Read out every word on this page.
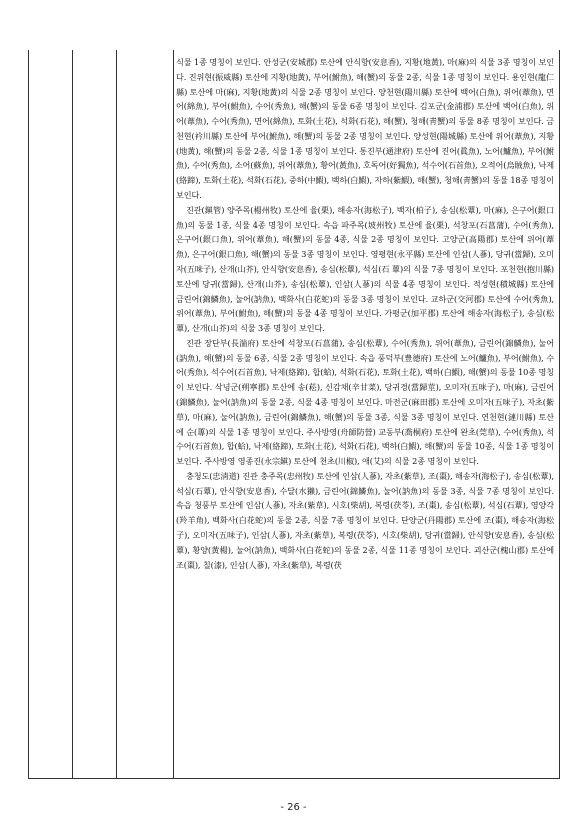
식물 1종 명칭이 보인다. 안성군(安城郡) 토산에 안식향(安息香), 지황(地黃), 마(麻)의 식물 3종 명칭이 보인다. 진위현(振威縣) 토산에 지황(地黃), 부어(鮒魚), 해(蟹)의 동물 2종, 식물 1종 명칭이 보인다. 용인현(龍仁縣) 토산에 마(麻), 지황(地黃)의 식물 2종 명칭이 보인다. 양천현(陽川縣) 토산에 백어(白魚), 위어(葦魚), 면어(綿魚), 부어(鮒魚), 수어(秀魚), 해(蟹)의 동물 6종 명칭이 보인다. 김포군(金浦郡) 토산에 백어(白魚), 위어(葦魚), 수어(秀魚), 면어(綿魚), 토화(土花), 석화(石花), 해(蟹), 청해(靑蟹)의 동물 8종 명칭이 보인다. 금천현(衿川縣) 토산에 부어(鮒魚), 해(蟹)의 동물 2종 명칭이 보인다. 양성현(陽城縣) 토산에 위어(葦魚), 지황(地黃), 해(蟹)의 동물 2종, 식물 1종 명칭이 보인다. 통진부(通津府) 토산에 진어(眞魚), 노어(鱸魚), 부어(鮒魚), 수어(秀魚), 소어(蘇魚), 위어(葦魚), 황어(黃魚), 호독어(好獨魚), 석수어(石首魚), 오적어(烏賊魚), 낙제(絡蹄), 토화(土花), 석화(石花), 중하(中鰕), 백하(白鰕), 자하(紫鰕), 해(蟹), 청해(靑蟹)의 동물 18종 명칭이 보인다.

진관(鎭管) 양주목(楊州牧) 토산에 율(栗), 해송자(海松子), 백자(柏子), 송심(松蕈), 마(麻), 은구어(銀口魚)의 동물 1종, 식물 4종 명칭이 보인다. 속읍 파주목(坡州牧) 토산에 율(栗), 석창포(石菖蒲), 수어(秀魚), 은구어(銀口魚), 위어(葦魚), 해(蟹)의 동물 4종, 식물 2종 명칭이 보인다. 고양군(高陽郡) 토산에 위어(葦魚), 은구어(銀口魚), 해(蟹)의 동물 3종 명칭이 보인다. 영평현(永平縣) 토산에 인삼(人蔘), 당귀(當歸), 오미자(五味子), 산개(山芥), 안식향(安息香), 송심(松蕈), 석심(石 蕈)의 식물 7종 명칭이 보인다. 포천현(抱川縣) 토산에 당귀(當歸), 산개(山芥), 송심(松蕈), 인삼(人蔘)의 식물 4종 명칭이 보인다. 적성현(積城縣) 토산에 금린어(錦鱗魚), 눌어(訥魚), 백화사(白花蛇)의 동물 3종 명칭이 보인다. 교하군(交河郡) 토산에 수어(秀魚), 위어(葦魚), 부어(鮒魚), 해(蟹)의 동물 4종 명칭이 보인다. 가평군(加平郡) 토산에 해송자(海松子), 송심(松蕈), 산개(山芥)의 식물 3종 명칭이 보인다.

진관 장단부(長湍府) 토산에 석창포(石菖蒲), 송심(松蕈), 수어(秀魚), 위어(葦魚), 금린어(錦鱗魚), 눌어(訥魚), 해(蟹)의 동물 6종, 식물 2종 명칭이 보인다. 속읍 풍덕부(豊德府) 토산에 노어(鱸魚), 부어(鮒魚), 수어(秀魚), 석수어(石首魚), 낙제(絡蹄), 합(蛤), 석화(石花), 토화(土花), 백하(白鰕), 해(蟹)의 동물 10종 명칭이 보인다. 삭녕군(朔寧郡) 토산에 송(菘), 신감채(辛甘菜), 당귀경(當歸莖), 오미자(五味子), 마(麻), 금린어(錦鱗魚), 눌어(訥魚)의 동물 2종, 식물 4종 명칭이 보인다. 마전군(麻田郡) 토산에 오미자(五味子), 자초(紫草), 마(麻), 눌어(訥魚), 금린어(錦鱗魚), 해(蟹)의 동물 3종, 식물 3종 명칭이 보인다. 연천현(漣川縣) 토산에 순(蓴)의 식물 1종 명칭이 보인다. 주사방영(舟師防營) 교동부(喬桐府) 토산에 완초(莞草), 수어(秀魚), 석수어(石首魚), 합(蛤), 낙제(絡蹄), 토화(土花), 석화(石花), 백하(白鰕), 해(蟹)의 동물 10종, 식물 1종 명칭이 보인다. 주사방영 영종진(永宗鎭) 토산에 천초(川椒), 애(艾)의 식물 2종 명칭이 보인다.

충청도(忠淸道) 진관 충주목(忠州牧) 토산에 인삼(人蔘), 자초(紫草), 조(棗), 해송자(海松子), 송심(松蕈), 석심(石蕈), 안식향(安息香), 수달(水獺), 금린어(錦鱗魚), 눌어(訥魚)의 동물 3종, 식물 7종 명칭이 보인다. 속읍 청풍부 토산에 인삼(人蔘), 자초(紫草), 시호(柴胡), 복령(茯苓), 조(棗), 송심(松蕈), 석심(石蕈), 영양각(羚羊角), 백화사(白花蛇)의 동물 2종, 식물 7종 명칭이 보인다. 단양군(丹陽郡) 토산에 조(棗), 해송자(海松子), 오미자(五味子), 인삼(人蔘), 자초(紫草), 복령(茯苓), 시호(柴胡), 당귀(當歸), 안식향(安息香), 송심(松蕈), 황양(黃楊), 눌어(訥魚), 백화사(白花蛇)의 동물 2종, 식물 11종 명칭이 보인다. 괴산군(槐山郡) 토산에 조(棗), 칠(漆), 인삼(人蔘), 자초(紫草), 복령(茯

- 26 -
